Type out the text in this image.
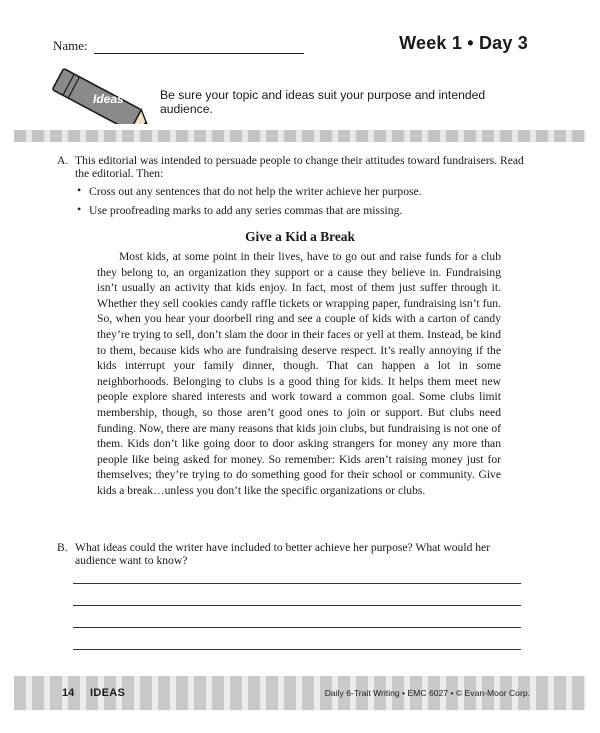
Name:	Week 1 • Day 3
Ideas	Be sure your topic and ideas suit your purpose and intended audience.
A. This editorial was intended to persuade people to change their attitudes toward fundraisers. Read the editorial. Then:
• Cross out any sentences that do not help the writer achieve her purpose.
• Use proofreading marks to add any series commas that are missing.
Give a Kid a Break

Most kids, at some point in their lives, have to go out and raise funds for a club they belong to, an organization they support or a cause they believe in. Fundraising isn’t usually an activity that kids enjoy. In fact, most of them just suffer through it. Whether they sell cookies candy raffle tickets or wrapping paper, fundraising isn’t fun. So, when you hear your doorbell ring and see a couple of kids with a carton of candy they’re trying to sell, don’t slam the door in their faces or yell at them. Instead, be kind to them, because kids who are fundraising deserve respect. It’s really annoying if the kids interrupt your family dinner, though. That can happen a lot in some neighborhoods. Belonging to clubs is a good thing for kids. It helps them meet new people explore shared interests and work toward a common goal. Some clubs limit membership, though, so those aren’t good ones to join or support. But clubs need funding. Now, there are many reasons that kids join clubs, but fundraising is not one of them. Kids don’t like going door to door asking strangers for money any more than people like being asked for money. So remember: Kids aren’t raising money just for themselves; they’re trying to do something good for their school or community. Give kids a break…unless you don’t like the specific organizations or clubs.

B. What ideas could the writer have included to better achieve her purpose? What would her audience want to know?
14 IDEAS	Daily 6-Trait Writing • EMC 6027 • © Evan-Moor Corp.
